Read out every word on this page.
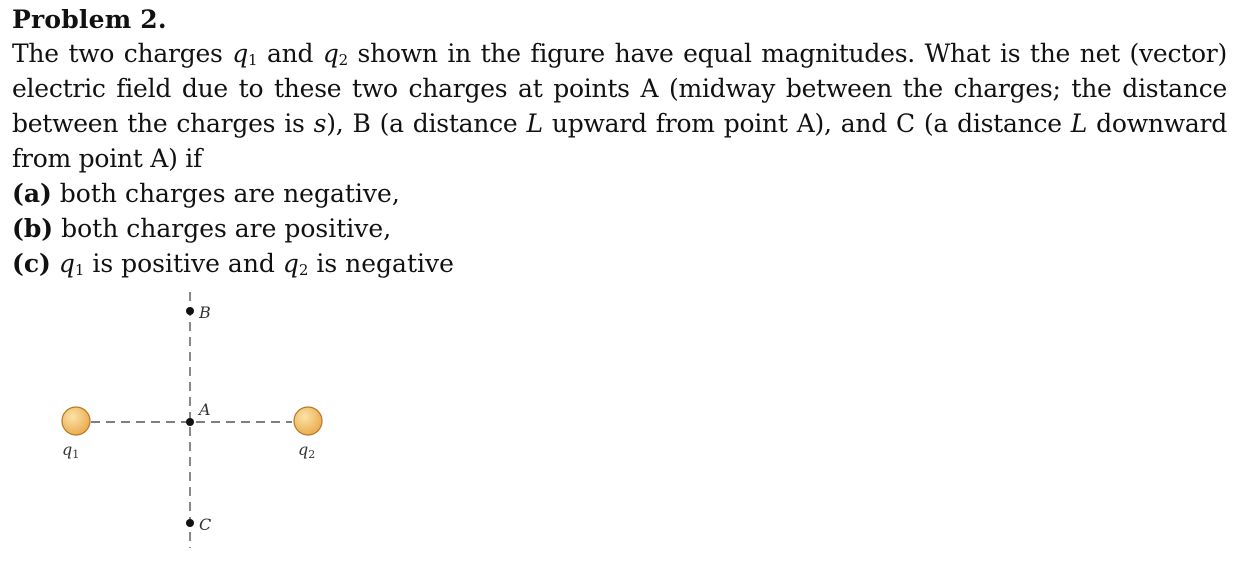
Problem 2.
The two charges $q_1$ and $q_2$ shown in the figure have equal magnitudes. What is the net (vector)
electric field due to these two charges at points A (midway between the charges; the distance
between the charges is s), B (a distance L upward from point A), and C (a distance L downward
from point A) if
(a) both charges are negative,
(b) both charges are positive,
(c) $q_1$ is positive and $q_2$ is negative
B
A
C
q1	q2
